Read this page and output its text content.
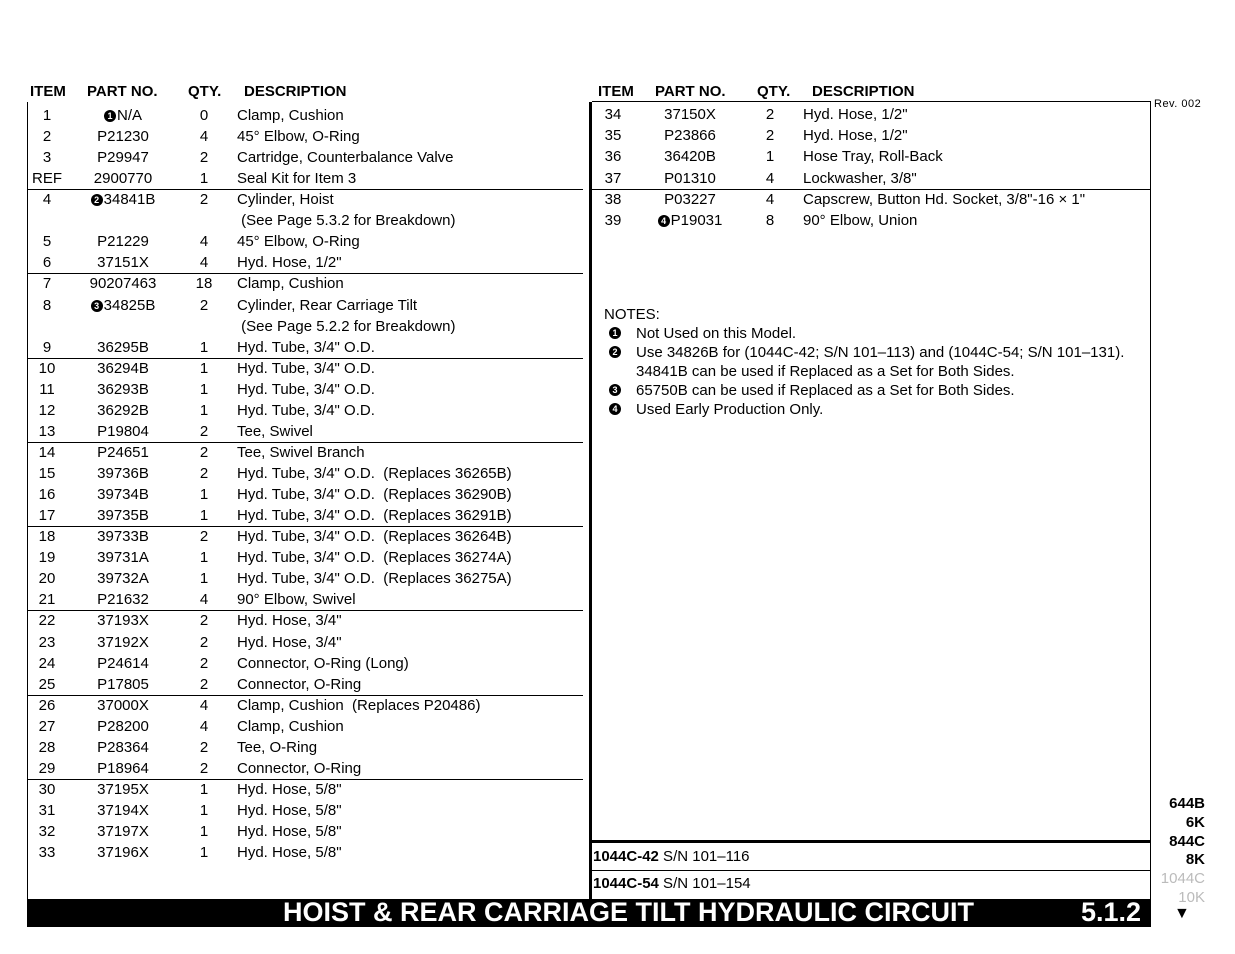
ITEM PART NO. QTY. DESCRIPTION	ITEM PART NO. QTY. DESCRIPTION
1	1 N/A	0	Clamp, Cushion
2	P21230	4	45° Elbow, O-Ring
3	P29947	2	Cartridge, Counterbalance Valve
REF	2900770	1	Seal Kit for Item 3
4	2 34841B	2	Cylinder, Hoist
(See Page 5.3.2 for Breakdown)
5	P21229	4	45° Elbow, O-Ring
6	37151X	4	Hyd. Hose, 1/2"
7	90207463	18	Clamp, Cushion
8	3 34825B	2	Cylinder, Rear Carriage Tilt
(See Page 5.2.2 for Breakdown)
9	36295B	1	Hyd. Tube, 3/4" O.D.
10	36294B	1	Hyd. Tube, 3/4" O.D.
11	36293B	1	Hyd. Tube, 3/4" O.D.
12	36292B	1	Hyd. Tube, 3/4" O.D.
13	P19804	2	Tee, Swivel
14	P24651	2	Tee, Swivel Branch
15	39736B	2	Hyd. Tube, 3/4" O.D.  (Replaces 36265B)
16	39734B	1	Hyd. Tube, 3/4" O.D.  (Replaces 36290B)
17	39735B	1	Hyd. Tube, 3/4" O.D.  (Replaces 36291B)
18	39733B	2	Hyd. Tube, 3/4" O.D.  (Replaces 36264B)
19	39731A	1	Hyd. Tube, 3/4" O.D.  (Replaces 36274A)
20	39732A	1	Hyd. Tube, 3/4" O.D.  (Replaces 36275A)
21	P21632	4	90° Elbow, Swivel
22	37193X	2	Hyd. Hose, 3/4"
23	37192X	2	Hyd. Hose, 3/4"
24	P24614	2	Connector, O-Ring (Long)
25	P17805	2	Connector, O-Ring
26	37000X	4	Clamp, Cushion  (Replaces P20486)
27	P28200	4	Clamp, Cushion
28	P28364	2	Tee, O-Ring
29	P18964	2	Connector, O-Ring
30	37195X	1	Hyd. Hose, 5/8"
31	37194X	1	Hyd. Hose, 5/8"
32	37197X	1	Hyd. Hose, 5/8"
33	37196X	1	Hyd. Hose, 5/8"
34	37150X	2	Hyd. Hose, 1/2"
35	P23866	2	Hyd. Hose, 1/2"
36	36420B	1	Hose Tray, Roll-Back
37	P01310	4	Lockwasher, 3/8"
38	P03227	4	Capscrew, Button Hd. Socket, 3/8"-16 × 1"
39	4 P19031	8	90° Elbow, Union
NOTES:
1 Not Used on this Model.
2 Use 34826B for (1044C-42; S/N 101–113) and (1044C-54; S/N 101–131).
34841B can be used if Replaced as a Set for Both Sides.
3 65750B can be used if Replaced as a Set for Both Sides.
4 Used Early Production Only.
1044C-42 S/N 101–116
1044C-54 S/N 101–154
Rev. 002
HOIST & REAR CARRIAGE TILT HYDRAULIC CIRCUIT	5.1.2
644B
6K
844C
8K
1044C
10K
▼
